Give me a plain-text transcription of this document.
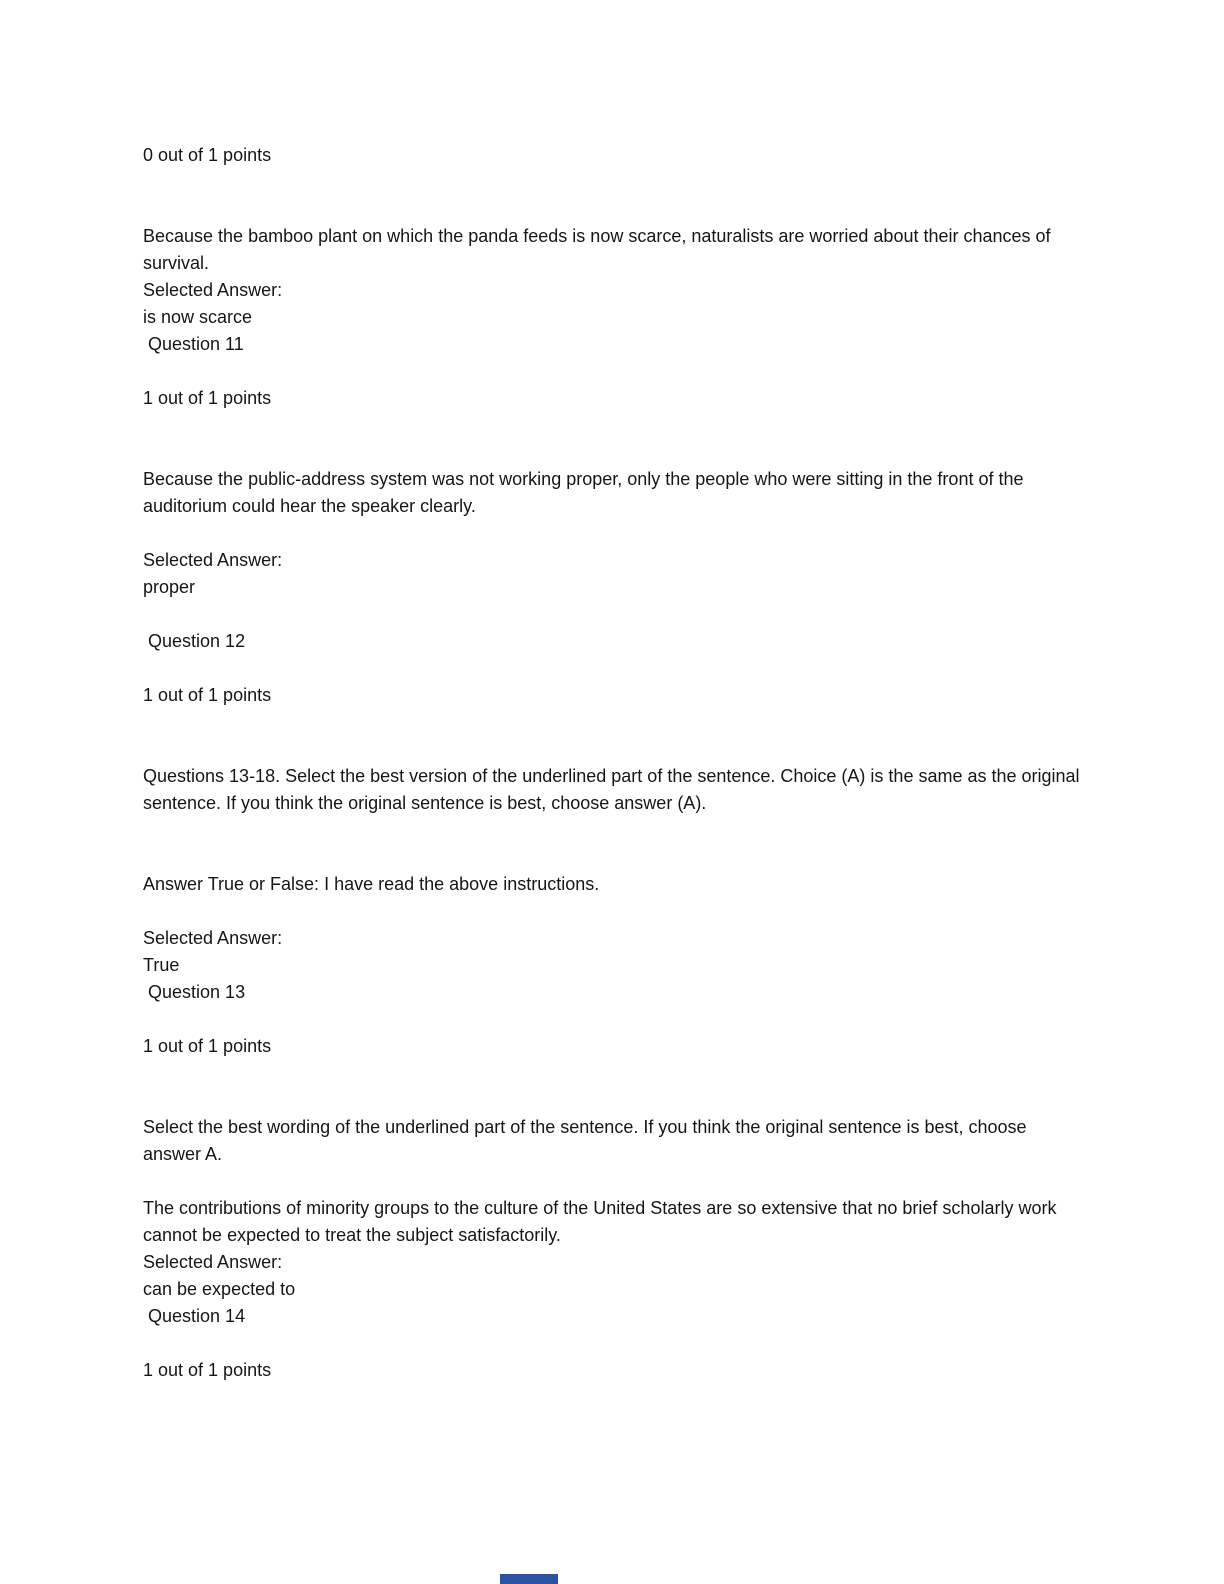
0 out of 1 points
Because the bamboo plant on which the panda feeds is now scarce, naturalists are worried about their chances of survival.
Selected Answer:
is now scarce
Question 11
1 out of 1 points
Because the public-address system was not working proper, only the people who were sitting in the front of the auditorium could hear the speaker clearly.
Selected Answer:
proper
Question 12
1 out of 1 points
Questions 13-18. Select the best version of the underlined part of the sentence. Choice (A) is the same as the original sentence. If you think the original sentence is best, choose answer (A).
Answer True or False: I have read the above instructions.
Selected Answer:
True
Question 13
1 out of 1 points
Select the best wording of the underlined part of the sentence. If you think the original sentence is best, choose answer A.
The contributions of minority groups to the culture of the United States are so extensive that no brief scholarly work cannot be expected to treat the subject satisfactorily.
Selected Answer:
can be expected to
Question 14
1 out of 1 points
